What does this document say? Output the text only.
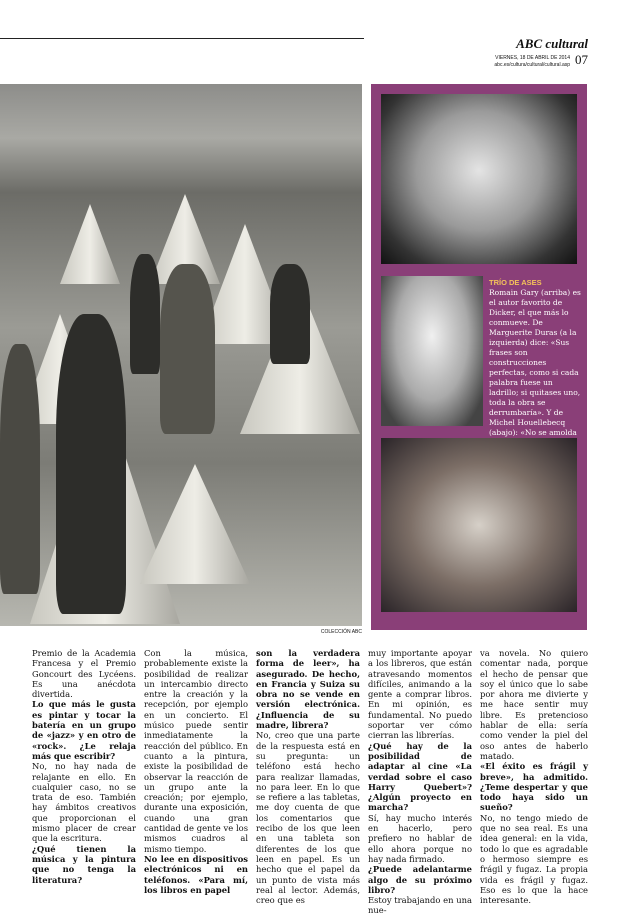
ABC cultural
VIERNES, 18 DE ABRIL DE 2014
abc.es/cultura/cultural/cultural.asp 07
COLECCIÓN ABC
TRÍO DE ASES
Romain Gary (arriba) es el autor favorito de Dicker, el que más lo conmueve. De Marguerite Duras (a la izquierda) dice: «Sus frases son construcciones perfectas, como si cada palabra fuese un ladrillo; si quitases uno, toda la obra se derrumbaría». Y de Michel Houellebecq (abajo): «No se amolda

Premio de la Academia Francesa y el Premio Goncourt des Lycéens. Es una anécdota divertida.

Lo que más le gusta es pintar y tocar la batería en un grupo de «jazz» y en otro de «rock». ¿Le relaja más que escribir?

No, no hay nada de relajante en ello. En cualquier caso, no se trata de eso. También hay ámbitos creativos que proporcionan el mismo placer de crear que la escritura.

¿Qué tienen la música y la pintura que no tenga la literatura?

Con la música, probablemente existe la posibilidad de realizar un intercambio directo entre la creación y la recepción, por ejemplo en un concierto. El músico puede sentir inmediatamente la reacción del público. En cuanto a la pintura, existe la posibilidad de observar la reacción de un grupo ante la creación; por ejemplo, durante una exposición, cuando una gran cantidad de gente ve los mismos cuadros al mismo tiempo.

No lee en dispositivos electrónicos ni en teléfonos. «Para mí, los libros en papel

son la verdadera forma de leer», ha asegurado. De hecho, en Francia y Suiza su obra no se vende en versión electrónica. ¿Influencia de su madre, librera?

No, creo que una parte de la respuesta está en su pregunta: un teléfono está hecho para realizar llamadas, no para leer. En lo que se refiere a las tabletas, me doy cuenta de que los comentarios que recibo de los que leen en una tableta son diferentes de los que leen en papel. Es un hecho que el papel da un punto de vista más real al lector. Además, creo que es

muy importante apoyar a los libreros, que están atravesando momentos difíciles, animando a la gente a comprar libros. En mi opinión, es fundamental. No puedo soportar ver cómo cierran las librerías.

¿Qué hay de la posibilidad de adaptar al cine «La verdad sobre el caso Harry Quebert»? ¿Algún proyecto en marcha?

Sí, hay mucho interés en hacerlo, pero prefiero no hablar de ello ahora porque no hay nada firmado.

¿Puede adelantarme algo de su próximo libro?

Estoy trabajando en una nue-

va novela. No quiero comentar nada, porque el hecho de pensar que soy el único que lo sabe por ahora me divierte y me hace sentir muy libre. Es pretencioso hablar de ella: sería como vender la piel del oso antes de haberlo matado.

«El éxito es frágil y breve», ha admitido. ¿Teme despertar y que todo haya sido un sueño?

No, no tengo miedo de que no sea real. Es una idea general: en la vida, todo lo que es agradable o hermoso siempre es frágil y fugaz. La propia vida es frágil y fugaz. Eso es lo que la hace interesante.
